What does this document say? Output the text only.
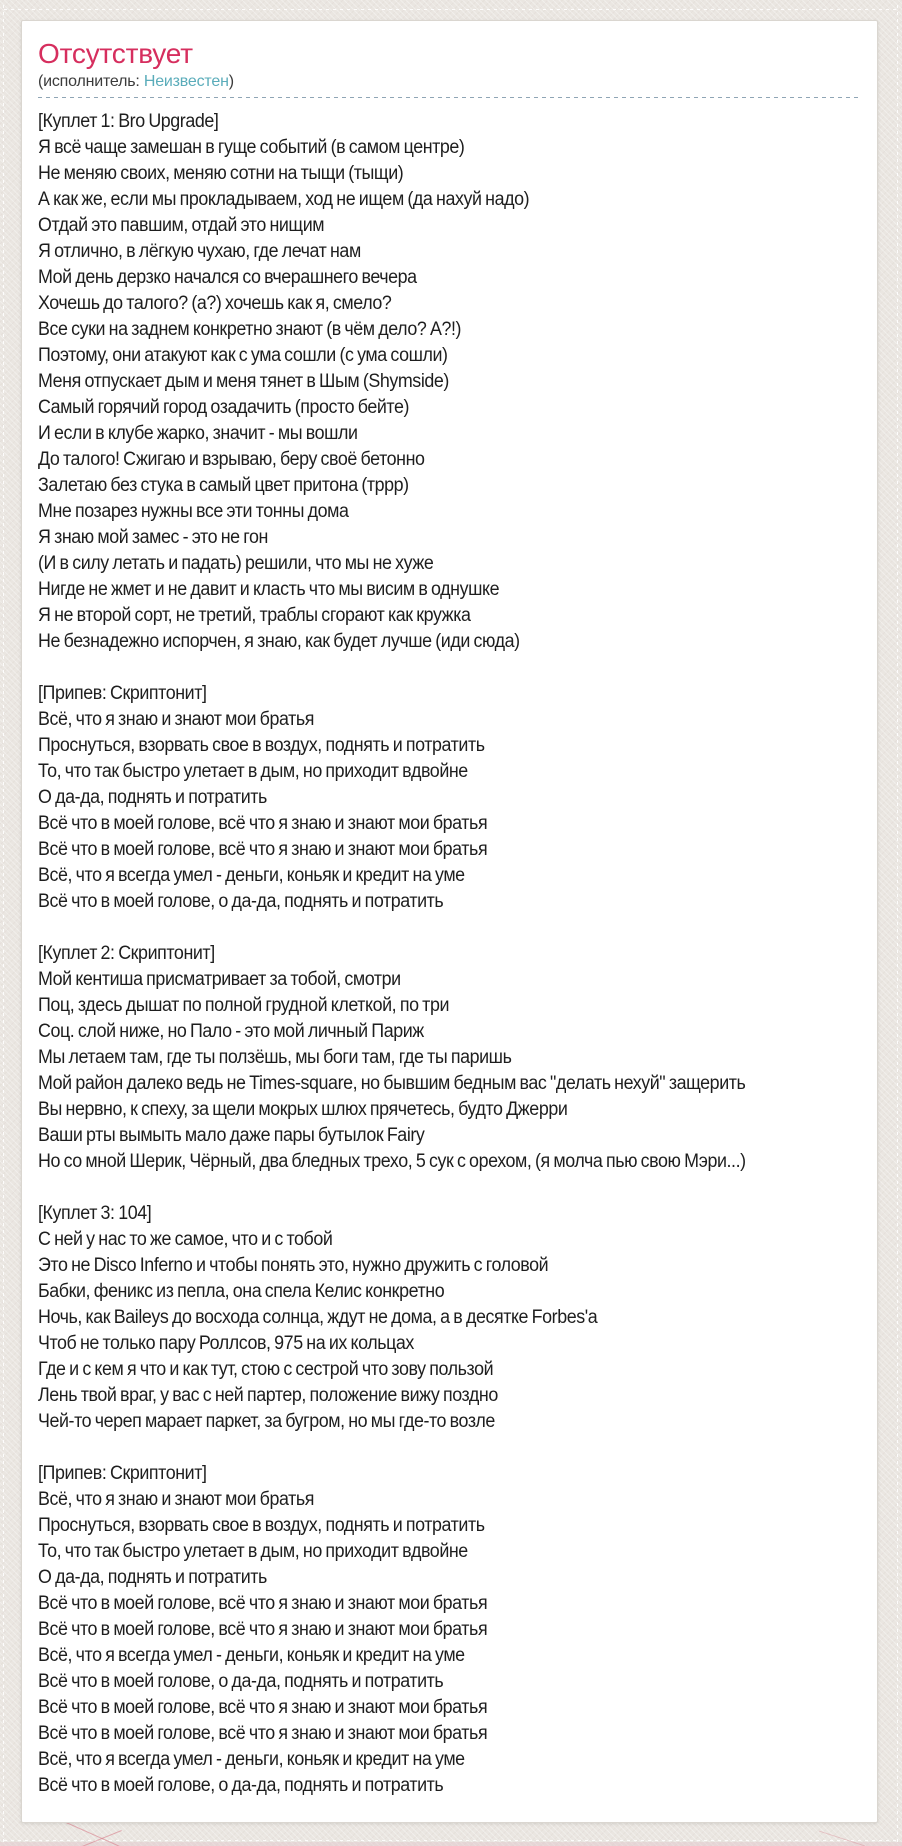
Отсутствует
(исполнитель: Неизвестен)
[Куплет 1: Bro Upgrade]
Я всё чаще замешан в гуще событий (в самом центре)
Не меняю своих, меняю сотни на тыщи (тыщи)
А как же, если мы прокладываем, ход не ищем (да нахуй надо)
Отдай это павшим, отдай это нищим
Я отлично, в лёгкую чухаю, где лечат нам
Мой день дерзко начался со вчерашнего вечера
Хочешь до талого? (а?) хочешь как я, смело?
Все суки на заднем конкретно знают (в чём дело? А?!)
Поэтому, они атакуют как с ума сошли (с ума сошли)
Меня отпускает дым и меня тянет в Шым (Shymside)
Самый горячий город озадачить (просто бейте)
И если в клубе жарко, значит - мы вошли
До талого! Сжигаю и взрываю, беру своё бетонно
Залетаю без стука в самый цвет притона (тррр)
Мне позарез нужны все эти тонны дома
Я знаю мой замес - это не гон
(И в силу летать и падать) решили, что мы не хуже
Нигде не жмет и не давит и класть что мы висим в однушке
Я не второй сорт, не третий, траблы сгорают как кружка
Не безнадежно испорчен, я знаю, как будет лучше (иди сюда)
[Припев: Скриптонит]
Всё, что я знаю и знают мои братья
Проснуться, взорвать свое в воздух, поднять и потратить
То, что так быстро улетает в дым, но приходит вдвойне
О да-да, поднять и потратить
Всё что в моей голове, всё что я знаю и знают мои братья
Всё что в моей голове, всё что я знаю и знают мои братья
Всё, что я всегда умел - деньги, коньяк и кредит на уме
Всё что в моей голове, о да-да, поднять и потратить
[Куплет 2: Скриптонит]
Мой кентиша присматривает за тобой, смотри
Поц, здесь дышат по полной грудной клеткой, по три
Соц. слой ниже, но Пало - это мой личный Париж
Мы летаем там, где ты ползёшь, мы боги там, где ты паришь
Мой район далеко ведь не Times-square, но бывшим бедным вас "делать нехуй" защерить
Вы нервно, к спеху, за щели мокрых шлюх прячетесь, будто Джерри
Ваши рты вымыть мало даже пары бутылок Fairy
Но со мной Шерик, Чёрный, два бледных трехо, 5 сук с орехом, (я молча пью свою Мэри...)
[Куплет 3: 104]
С ней у нас то же самое, что и с тобой
Это не Disco Inferno и чтобы понять это, нужно дружить с головой
Бабки, феникс из пепла, она спела Келис конкретно
Ночь, как Baileys до восхода солнца, ждут не дома, а в десятке Forbes'а
Чтоб не только пару Роллсов, 975 на их кольцах
Где и с кем я что и как тут, стою с сестрой что зову пользой
Лень твой враг, у вас с ней партер, положение вижу поздно
Чей-то череп марает паркет, за бугром, но мы где-то возле
[Припев: Скриптонит]
Всё, что я знаю и знают мои братья
Проснуться, взорвать свое в воздух, поднять и потратить
То, что так быстро улетает в дым, но приходит вдвойне
О да-да, поднять и потратить
Всё что в моей голове, всё что я знаю и знают мои братья
Всё что в моей голове, всё что я знаю и знают мои братья
Всё, что я всегда умел - деньги, коньяк и кредит на уме
Всё что в моей голове, о да-да, поднять и потратить
Всё что в моей голове, всё что я знаю и знают мои братья
Всё что в моей голове, всё что я знаю и знают мои братья
Всё, что я всегда умел - деньги, коньяк и кредит на уме
Всё что в моей голове, о да-да, поднять и потратить
